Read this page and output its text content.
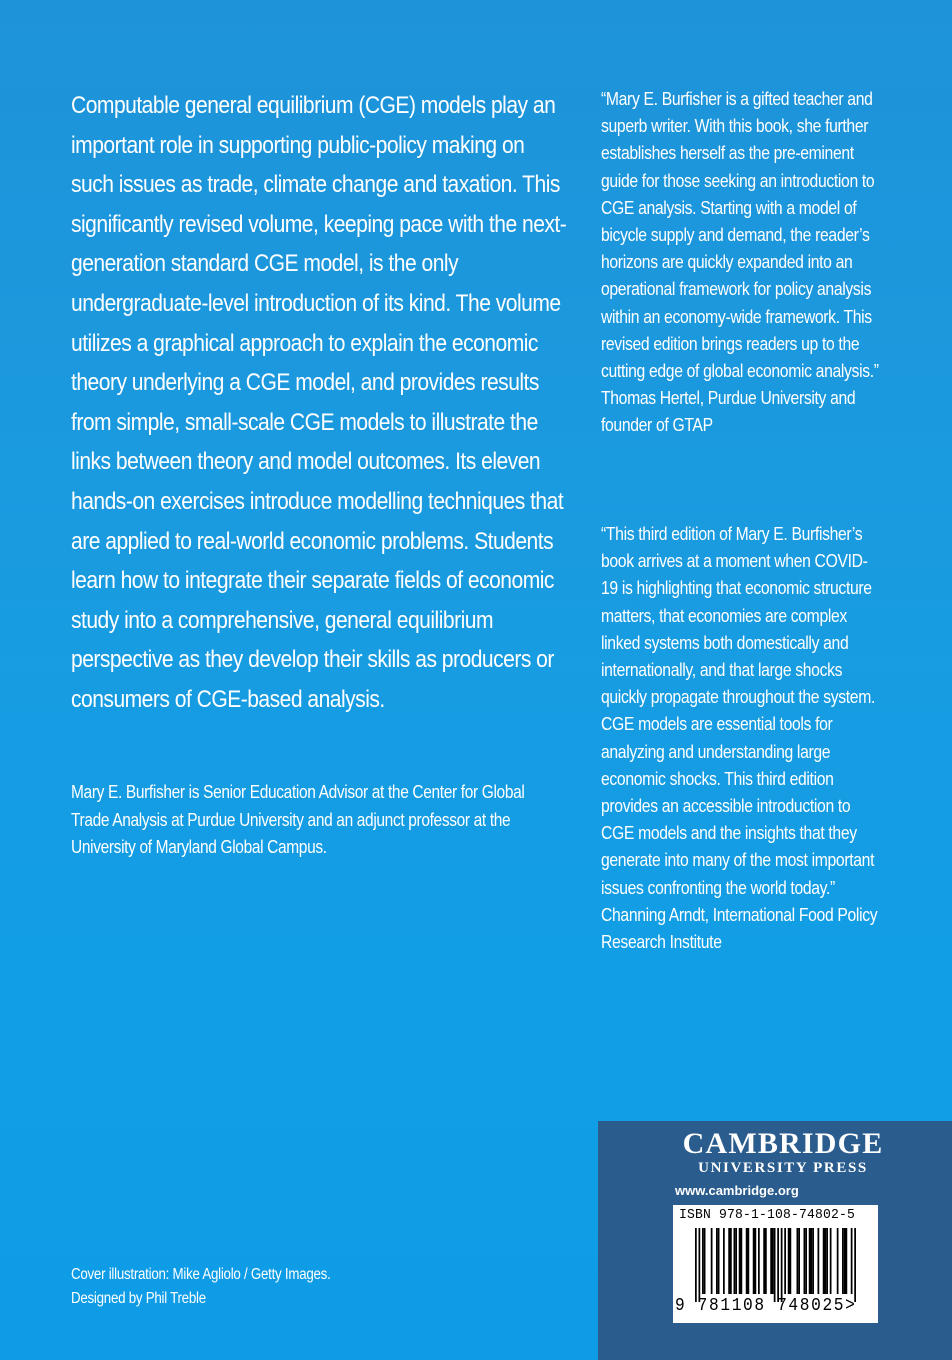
Computable general equilibrium (CGE) models play an important role in supporting public-policy making on such issues as trade, climate change and taxation. This significantly revised volume, keeping pace with the next-generation standard CGE model, is the only undergraduate-level introduction of its kind. The volume utilizes a graphical approach to explain the economic theory underlying a CGE model, and provides results from simple, small-scale CGE models to illustrate the links between theory and model outcomes. Its eleven hands-on exercises introduce modelling techniques that are applied to real-world economic problems. Students learn how to integrate their separate fields of economic study into a comprehensive, general equilibrium perspective as they develop their skills as producers or consumers of CGE-based analysis.
Mary E. Burfisher is Senior Education Advisor at the Center for Global Trade Analysis at Purdue University and an adjunct professor at the University of Maryland Global Campus.

“Mary E. Burfisher is a gifted teacher and superb writer. With this book, she further establishes herself as the pre-eminent guide for those seeking an introduction to CGE analysis. Starting with a model of bicycle supply and demand, the reader’s horizons are quickly expanded into an operational framework for policy analysis within an economy-wide framework. This revised edition brings readers up to the cutting edge of global economic analysis.”

Thomas Hertel, Purdue University and founder of GTAP

“This third edition of Mary E. Burfisher’s book arrives at a moment when COVID-19 is highlighting that economic structure matters, that economies are complex linked systems both domestically and internationally, and that large shocks quickly propagate throughout the system. CGE models are essential tools for analyzing and understanding large economic shocks. This third edition provides an accessible introduction to CGE models and the insights that they generate into many of the most important issues confronting the world today.”

Channing Arndt, International Food Policy Research Institute

Cover illustration: Mike Agliolo / Getty Images.
Designed by Phil Treble
CAMBRIDGE
UNIVERSITY PRESS
www.cambridge.org
ISBN 978-1-108-74802-5
9 781108 748025>
